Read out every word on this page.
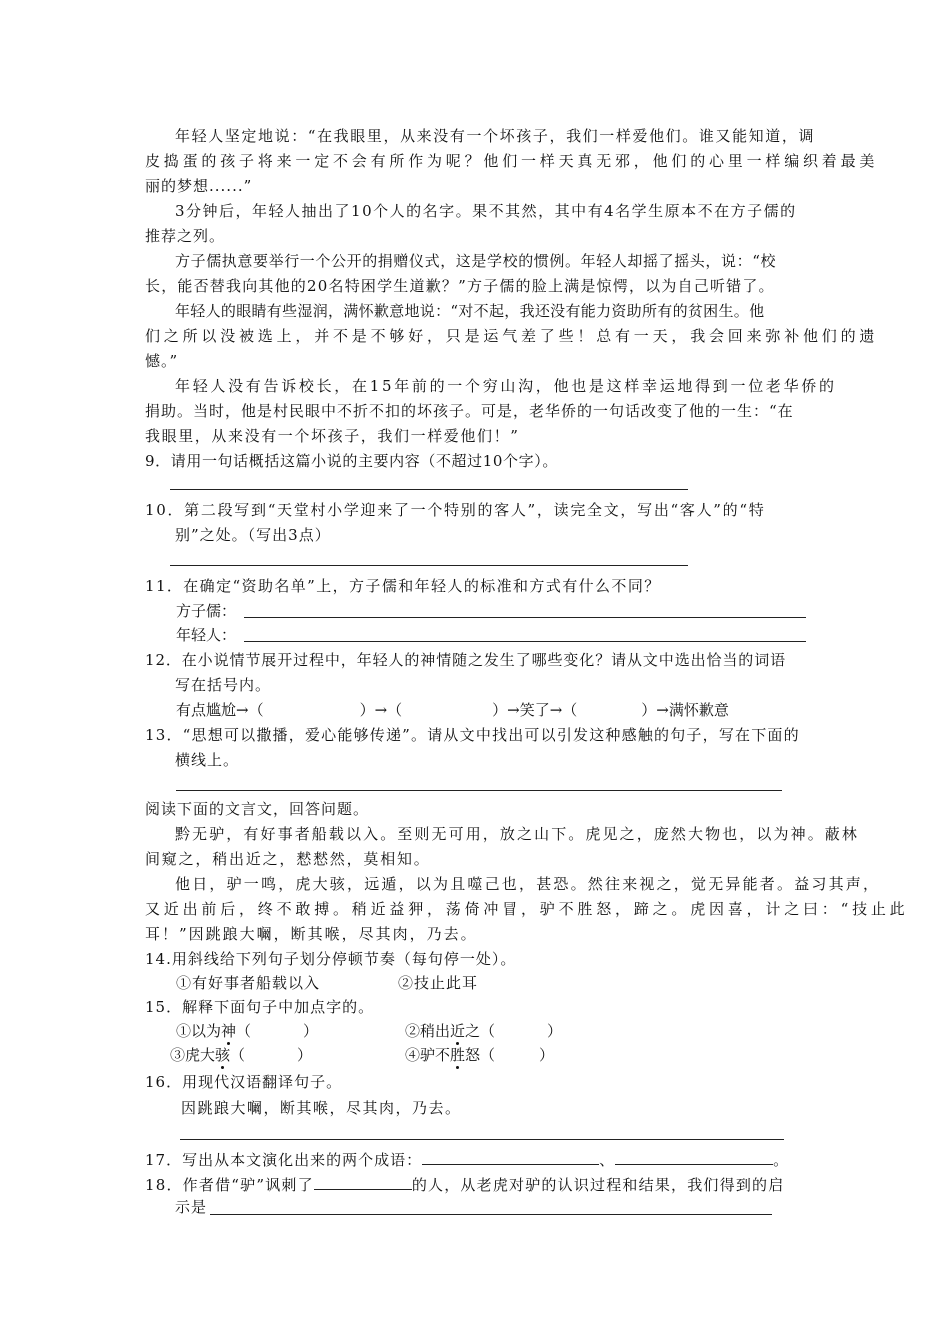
年轻人坚定地说：“在我眼里，从来没有一个坏孩子，我们一样爱他们。谁又能知道，调
皮捣蛋的孩子将来一定不会有所作为呢？他们一样天真无邪，他们的心里一样编织着最美
丽的梦想......”
3分钟后，年轻人抽出了10个人的名字。果不其然，其中有4名学生原本不在方子儒的
推荐之列。
方子儒执意要举行一个公开的捐赠仪式，这是学校的惯例。年轻人却摇了摇头，说：“校
长，能否替我向其他的20名特困学生道歉？”方子儒的脸上满是惊愕，以为自己听错了。
年轻人的眼睛有些湿润，满怀歉意地说：“对不起，我还没有能力资助所有的贫困生。他
们之所以没被选上，并不是不够好，只是运气差了些！总有一天，我会回来弥补他们的遗
憾。”
年轻人没有告诉校长，在15年前的一个穷山沟，他也是这样幸运地得到一位老华侨的
捐助。当时，他是村民眼中不折不扣的坏孩子。可是，老华侨的一句话改变了他的一生：“在
我眼里，从来没有一个坏孩子，我们一样爱他们！”
9．请用一句话概括这篇小说的主要内容（不超过10个字）。
10．第二段写到“天堂村小学迎来了一个特别的客人”，读完全文，写出“客人”的“特
别”之处。（写出3点）
11．在确定“资助名单”上，方子儒和年轻人的标准和方式有什么不同？
方子儒：
年轻人：
12．在小说情节展开过程中，年轻人的神情随之发生了哪些变化？请从文中选出恰当的词语
写在括号内。
有点尴尬→（	）→（	）→笑了→（	）→满怀歉意
13．“思想可以撒播，爱心能够传递”。请从文中找出可以引发这种感触的句子，写在下面的
横线上。
阅读下面的文言文，回答问题。
黔无驴，有好事者船载以入。至则无可用，放之山下。虎见之，庞然大物也，以为神。蔽林
间窥之，稍出近之，慭慭然，莫相知。
他日，驴一鸣，虎大骇，远遁，以为且噬己也，甚恐。然往来视之，觉无异能者。益习其声，
又近出前后，终不敢搏。稍近益狎，荡倚冲冒，驴不胜怒，蹄之。虎因喜，计之曰：“技止此
耳！”因跳踉大㘎，断其喉，尽其肉，乃去。
14.用斜线给下列句子划分停顿节奏（每句停一处）。
①有好事者船载以入	②技止此耳
15．解释下面句子中加点字的。
①以为神（	）	②稍出近之（	）
③虎大骇（	）	④驴不胜怒（	）
16．用现代汉语翻译句子。
因跳踉大㘎，断其喉，尽其肉，乃去。
17．写出从本文演化出来的两个成语：	、	。
18．作者借“驴”讽刺了	的人，从老虎对驴的认识过程和结果，我们得到的启
示是
